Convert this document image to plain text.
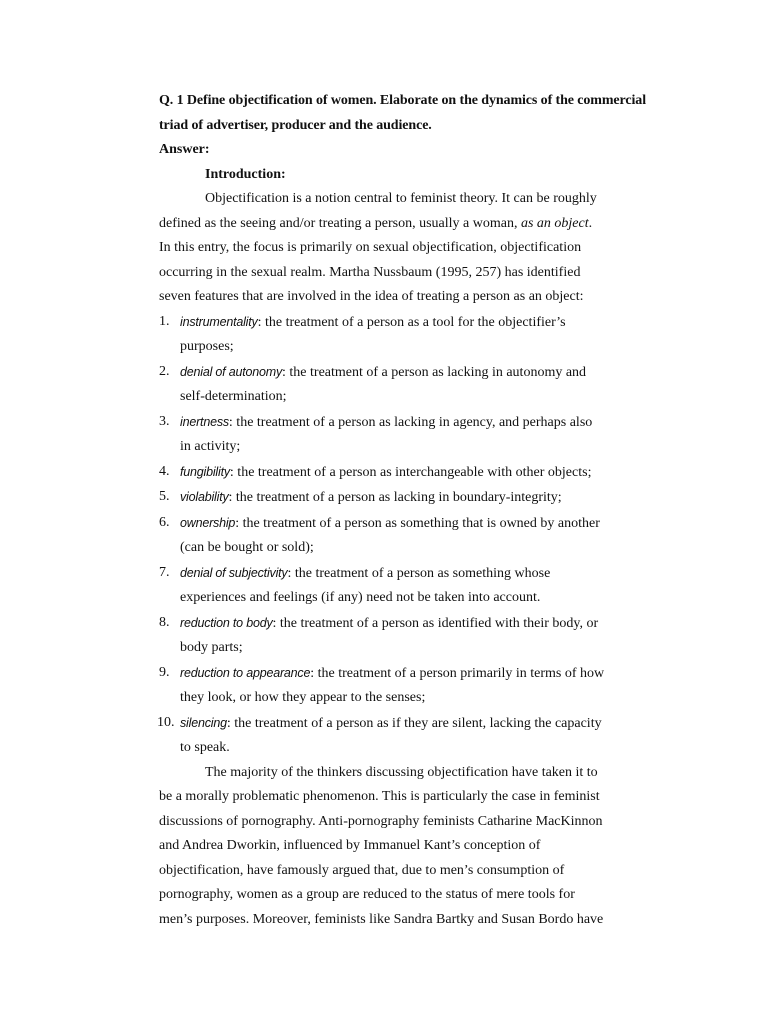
Q. 1 Define objectification of women. Elaborate on the dynamics of the commercial triad of advertiser, producer and the audience.
Answer:
Introduction:
Objectification is a notion central to feminist theory. It can be roughly defined as the seeing and/or treating a person, usually a woman, as an object. In this entry, the focus is primarily on sexual objectification, objectification occurring in the sexual realm. Martha Nussbaum (1995, 257) has identified seven features that are involved in the idea of treating a person as an object:
1. instrumentality: the treatment of a person as a tool for the objectifier’s purposes;
2. denial of autonomy: the treatment of a person as lacking in autonomy and self-determination;
3. inertness: the treatment of a person as lacking in agency, and perhaps also in activity;
4. fungibility: the treatment of a person as interchangeable with other objects;
5. violability: the treatment of a person as lacking in boundary-integrity;
6. ownership: the treatment of a person as something that is owned by another (can be bought or sold);
7. denial of subjectivity: the treatment of a person as something whose experiences and feelings (if any) need not be taken into account.
8. reduction to body: the treatment of a person as identified with their body, or body parts;
9. reduction to appearance: the treatment of a person primarily in terms of how they look, or how they appear to the senses;
10. silencing: the treatment of a person as if they are silent, lacking the capacity to speak.
The majority of the thinkers discussing objectification have taken it to be a morally problematic phenomenon. This is particularly the case in feminist discussions of pornography. Anti-pornography feminists Catharine MacKinnon and Andrea Dworkin, influenced by Immanuel Kant’s conception of objectification, have famously argued that, due to men’s consumption of pornography, women as a group are reduced to the status of mere tools for men’s purposes. Moreover, feminists like Sandra Bartky and Susan Bordo have
